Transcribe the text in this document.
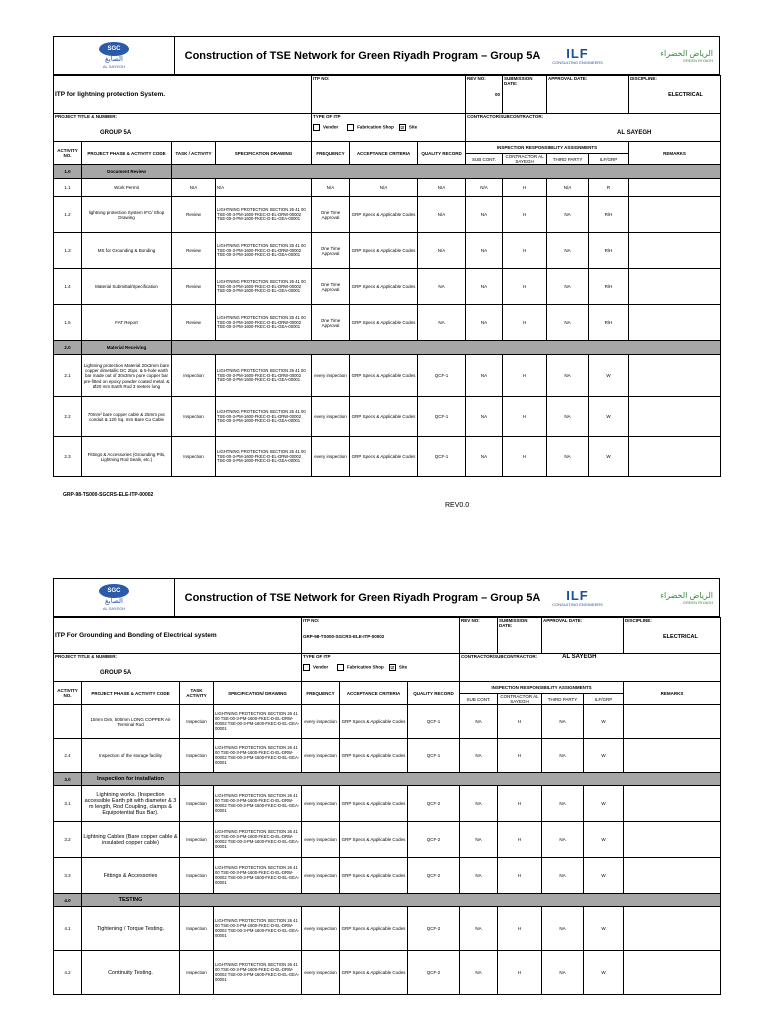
SGC
الصايغ
AL SAYEGH
Construction of TSE Network for Green Riyadh Program – Group 5A	ILF
CONSULTING ENGINEERS
الرياض الخضراء
GREEN RIYADH
ITP for lightning protection System.				ITP NO:			REV NO:

00	SUBMISSION DATE:	APPROVAL DATE:		DISCIPLINE:

ELECTRICAL

PROJECT TITLE & NUMBER:

GROUP 5A				TYPE OF ITP

Vendor Fabrication Shop ☑ Site			CONTRACTOR/SUBCONTRACTOR:

AL SAYEGH				
ACTIVITY NO.	PROJECT PHASE & ACTIVITY CODE	TASK / ACTIVITY	SPECIFICATION DRAWING	FREQUENCY	ACCEPTANCE CRITERIA	QUALITY RECORD	INSPECTION RESPONSIBILITY ASSIGNMENTS				REMARKS
							SUB CONT.	CONTRACTOR AL SAYEGH	THIRD PARTY	ILF/GRP	
1.0	Document Review										
1.1	Work Permit	N/A	N/A	N/A	N/A	N/A	N/A	H	N/A	R	
1.2	lightning protection System IFC/ Shop Drawing	Review	LIGHTNING PROTECTION SECTION 26 41 00 TSE-00-3-PM-1600-FKEC-D-EL-DRW-00002 TSE-00-3-PM-1600-FKEC-D-EL-GEA-00001	One Time Approval	GRP Specs & Applicable Codes	N/A	NA	H	NA	R/H	
1.3	MS for Grounding & Bonding	Review	LIGHTNING PROTECTION SECTION 26 41 00 TSE-00-3-PM-1600-FKEC-D-EL-DRW-00002 TSE-00-3-PM-1600-FKEC-D-EL-GEA-00001	One Time Approval	GRP Specs & Applicable Codes	N/A	NA	H	NA	R/H	
1.4	Material Submittal/Specification	Review	LIGHTNING PROTECTION SECTION 26 41 00 TSE-00-3-PM-1600-FKEC-D-EL-DRW-00002 TSE-00-3-PM-1600-FKEC-D-EL-GEA-00001	One Time Approval	GRP Specs & Applicable Codes	NA	NA	H	NA	R/H	
1.5	FAT Report	Review	LIGHTNING PROTECTION SECTION 26 41 00 TSE-00-3-PM-1600-FKEC-D-EL-DRW-00002 TSE-00-3-PM-1600-FKEC-D-EL-GEA-00001	One Time Approval	GRP Specs & Applicable Codes	NA	NA	H	NA	R/H	
2.0	Material Receiving										
2.1	Lightning protection Material 20x3mm bare copper dimetallic DC 2tips. & 5-hole earth bar made out of 30x3mm pure copper bar pre-fitted on epoxy powder coated metal. & Ø20 mm Earth Rod 3 meters long	Inspection	LIGHTNING PROTECTION SECTION 26 41 00 TSE-00-3-PM-1600-FKEC-D-EL-DRW-00002 TSE-00-3-PM-1600-FKEC-D-EL-GEA-00001	every inspection	GRP Specs & Applicable Codes	QCF-1	NA	H	NA	W	
2.2	70mm² bare copper cable & 25mm pvc conduit & 120 Sq. mm Bare Cu Cable	Inspection	LIGHTNING PROTECTION SECTION 26 41 00 TSE-00-3-PM-1600-FKEC-D-EL-DRW-00002 TSE-00-3-PM-1600-FKEC-D-EL-GEA-00001	every inspection	GRP Specs & Applicable Codes	QCF-1	NA	H	NA	W	
2.3	Fittings & Accessories (Grounding Pits, Lightning Rod Seals, etc.)	Inspection	LIGHTNING PROTECTION SECTION 26 41 00 TSE-00-3-PM-1600-FKEC-D-EL-DRW-00002 TSE-00-3-PM-1600-FKEC-D-EL-GEA-00001	every inspection	GRP Specs & Applicable Codes	QCF-1	NA	H	NA	W	
GRP-98-TS000-SGCRS-ELE-ITP-00002
REV0.0
SGC
الصايغ
AL SAYEGH
Construction of TSE Network for Green Riyadh Program – Group 5A	ILF
CONSULTING ENGINEERS
الرياض الخضراء
GREEN RIYADH
ITP For Grounding and Bonding of Electrical system				ITP NO:

GRP-98-TS000-SGCRS-ELE-ITP-00002			REV NO:	SUBMISSION DATE:	APPROVAL DATE:		DISCIPLINE:

ELECTRICAL
PROJECT TITLE & NUMBER:

GROUP 5A				TYPE OF ITP

Vendor Fabrication Shop ☑ Site			CONTRACTOR/SUBCONTRACTOR: AL SAYEGH				
ACTIVITY NO.	PROJECT PHASE & ACTIVITY CODE	TASK ACTIVITY	SPECIFICATION/ DRAWING	FREQUENCY	ACCEPTANCE CRITERIA	QUALITY RECORD	INSPECTION RESPONSIBILITY ASSIGNMENTS				REMARKS
							SUB CONT.	CONTRACTOR AL SAYEGH	THIRD PARTY	ILF/GRP	
	15mm Dim, 500mm LONG COPPER Air Terminal Rod	Inspection	LIGHTNING PROTECTION SECTION 26 41 00 TSE-00-3-PM-1600-FKEC-D-EL-DRW-00002 TSE-00-3-PM-1600-FKEC-D-EL-GEA-00001	every inspection	GRP Specs & Applicable Codes	QCF-1	NA	H	NA	W	
2.4	Inspection of the storage facility	Inspection	LIGHTNING PROTECTION SECTION 26 41 00 TSE-00-3-PM-1600-FKEC-D-EL-DRW-00002 TSE-00-3-PM-1600-FKEC-D-EL-GEA-00001	every inspection	GRP Specs & Applicable Codes	QCF-1	NA	H	NA	W	
3.0	Inspection for installation										
3.1	Lightning works. (Inspection accessible Earth pit with diameter & 3 m length, Rod Coupling, clamps & Equipotential Bus Bar).	Inspection	LIGHTNING PROTECTION SECTION 26 41 00 TSE-00-3-PM-1600-FKEC-D-EL-DRW-00002 TSE-00-3-PM-1600-FKEC-D-EL-GEA-00001	every inspection	GRP Specs & Applicable Codes	QCF-2	NA	H	NA	W	
3.2	Lightning Cables (Bare copper cable & insulated copper cable)	Inspection	LIGHTNING PROTECTION SECTION 26 41 00 TSE-00-3-PM-1600-FKEC-D-EL-DRW-00002 TSE-00-3-PM-1600-FKEC-D-EL-GEA-00001	every inspection	GRP Specs & Applicable Codes	QCF-2	NA	H	NA	W	
3.3	Fittings & Accessories	Inspection	LIGHTNING PROTECTION SECTION 26 41 00 TSE-00-3-PM-1600-FKEC-D-EL-DRW-00002 TSE-00-3-PM-1600-FKEC-D-EL-GEA-00001	every inspection	GRP Specs & Applicable Codes	QCF-2	NA	H	NA	W	
4.0	TESTING										
4.1	Tightening / Torque Testing.	Inspection	LIGHTNING PROTECTION SECTION 26 41 00 TSE-00-3-PM-1600-FKEC-D-EL-DRW-00002 TSE-00-3-PM-1600-FKEC-D-EL-GEA-00001	every inspection	GRP Specs & Applicable Codes	QCF-2	NA	H	NA	W	
4.2	Continuity Testing.	Inspection	LIGHTNING PROTECTION SECTION 26 41 00 TSE-00-3-PM-1600-FKEC-D-EL-DRW-00002 TSE-00-3-PM-1600-FKEC-D-EL-GEA-00001	every inspection	GRP Specs & Applicable Codes	QCF-2	NA	H	NA	W	
